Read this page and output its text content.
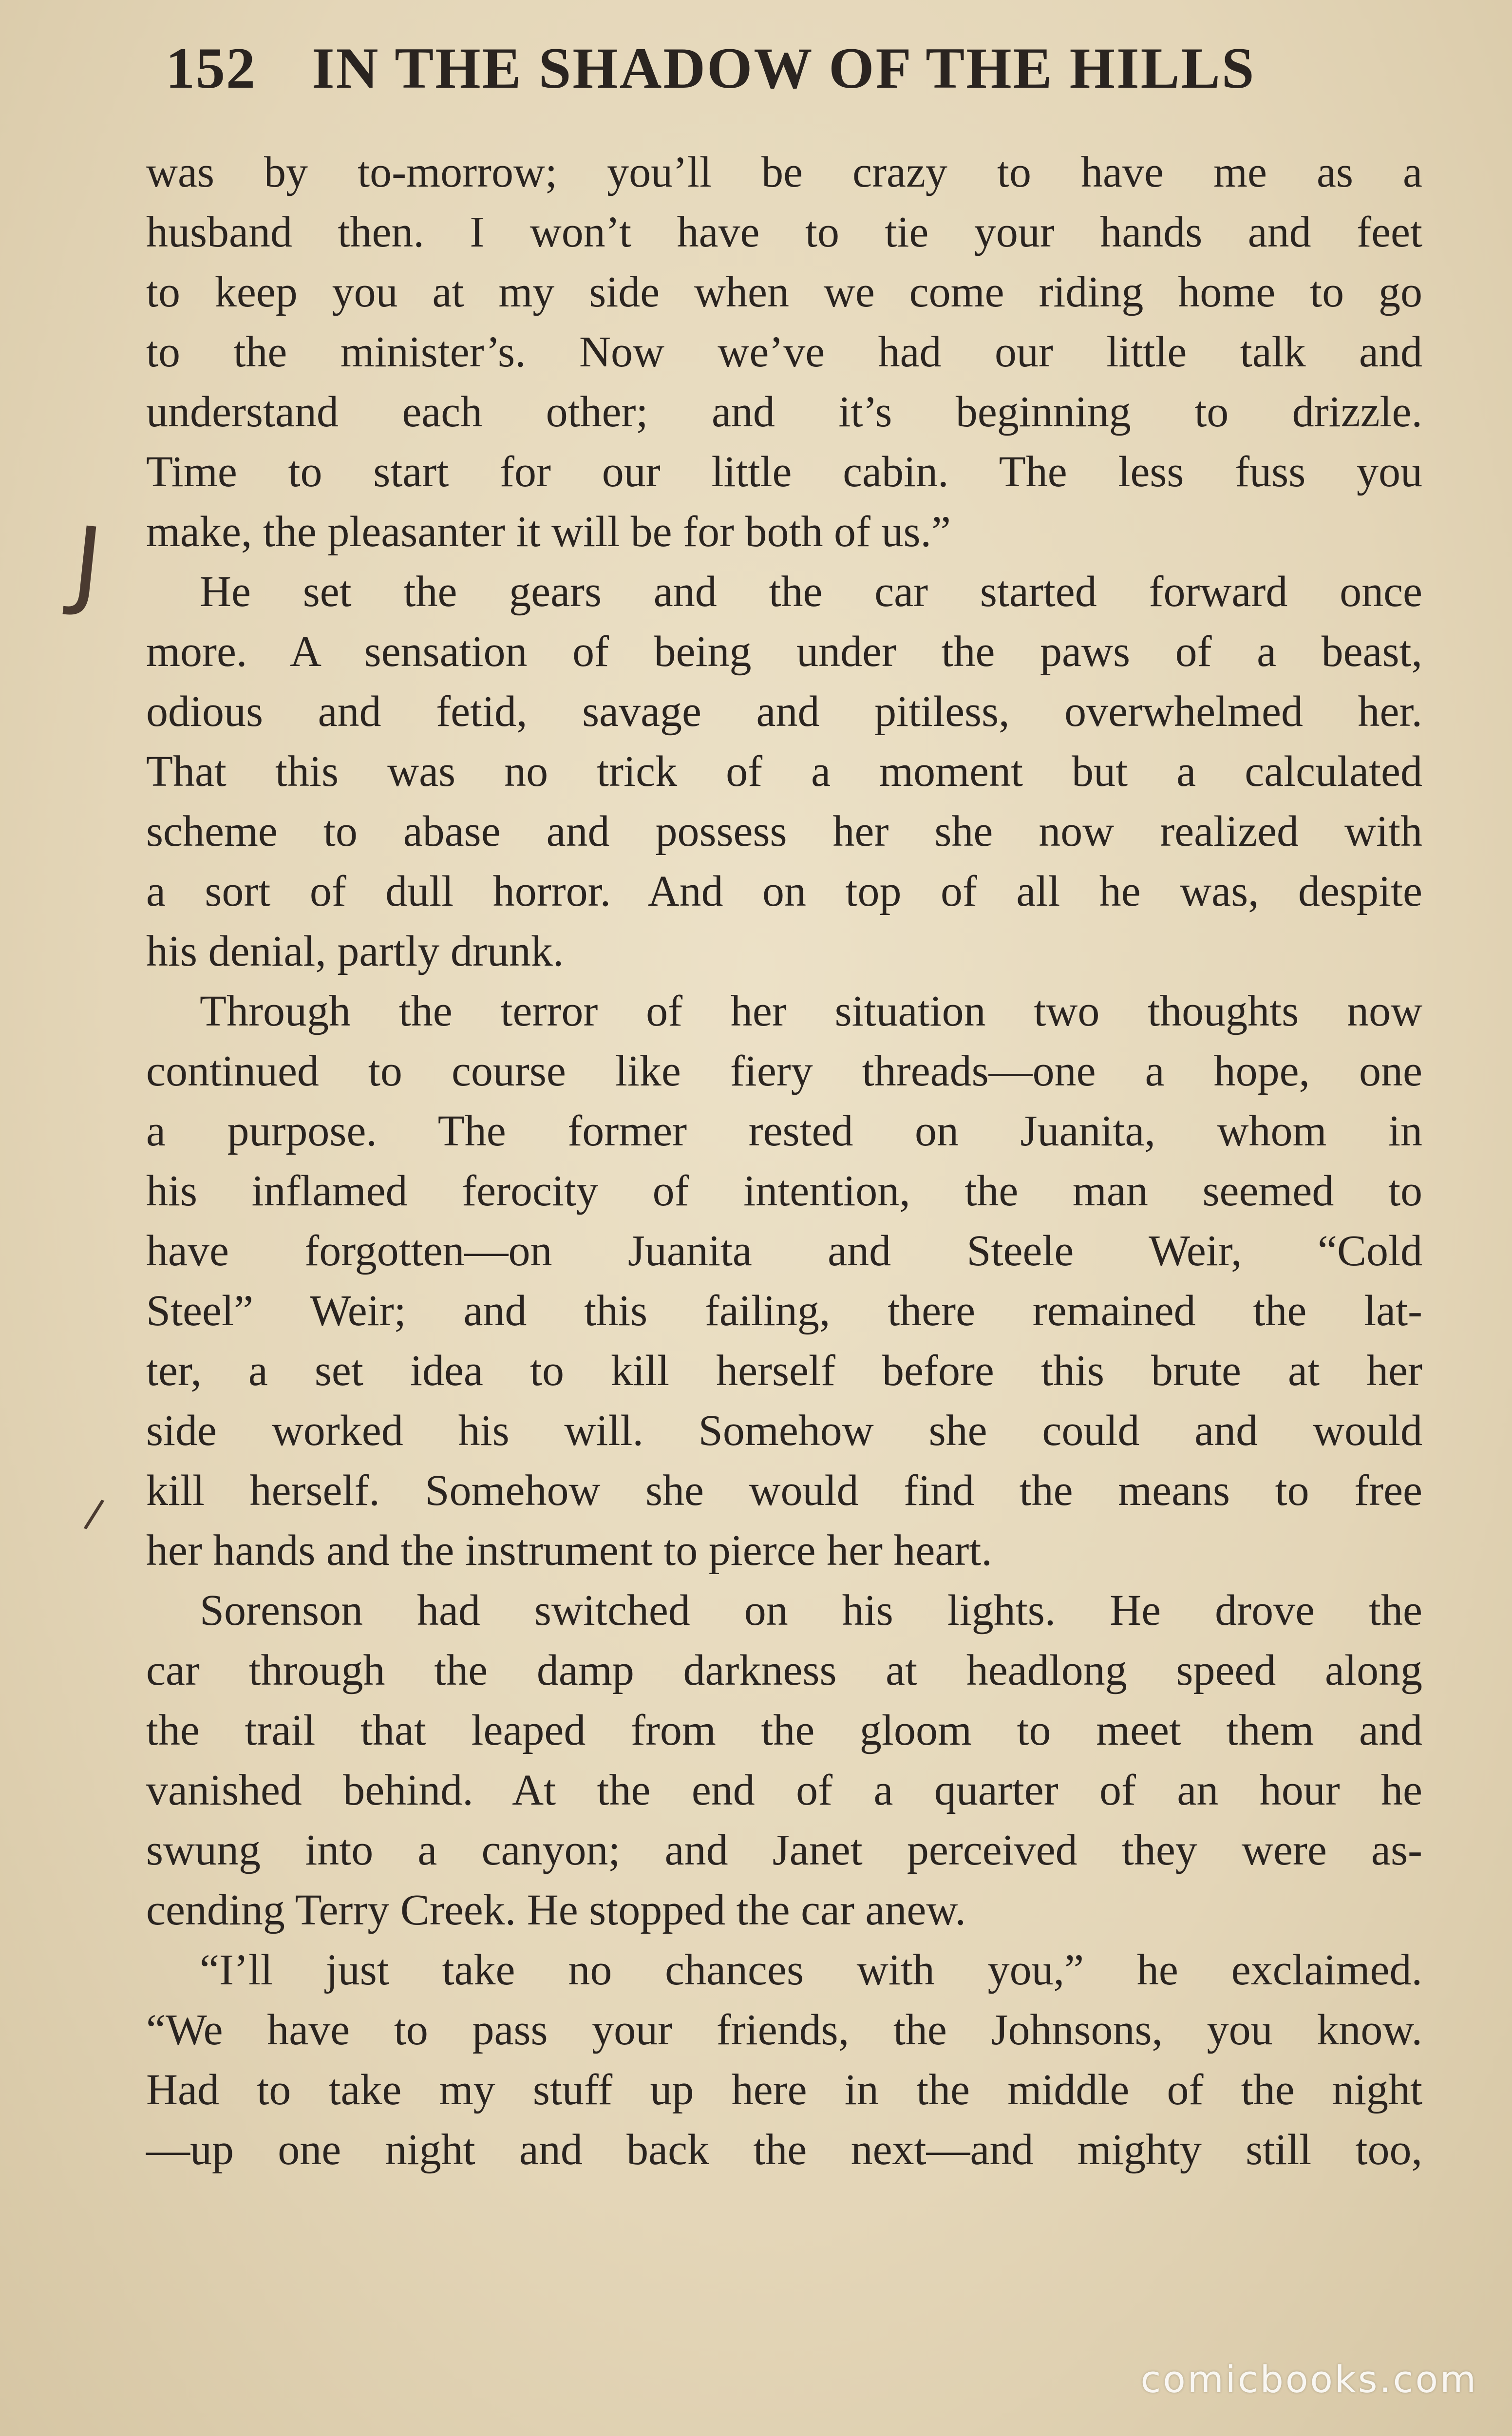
152 IN THE SHADOW OF THE HILLS
was by to-morrow; you’ll be crazy to have me as a
husband then. I won’t have to tie your hands and feet
to keep you at my side when we come riding home to go
to the minister’s. Now we’ve had our little talk and
understand each other; and it’s beginning to drizzle.
Time to start for our little cabin. The less fuss you
make, the pleasanter it will be for both of us.”
He set the gears and the car started forward once
more. A sensation of being under the paws of a beast,
odious and fetid, savage and pitiless, overwhelmed her.
That this was no trick of a moment but a calculated
scheme to abase and possess her she now realized with
a sort of dull horror. And on top of all he was, despite
his denial, partly drunk.
Through the terror of her situation two thoughts now
continued to course like fiery threads—one a hope, one
a purpose. The former rested on Juanita, whom in
his inflamed ferocity of intention, the man seemed to
have forgotten—on Juanita and Steele Weir, “Cold
Steel” Weir; and this failing, there remained the lat-
ter, a set idea to kill herself before this brute at her
side worked his will. Somehow she could and would
kill herself. Somehow she would find the means to free
her hands and the instrument to pierce her heart.
Sorenson had switched on his lights. He drove the
car through the damp darkness at headlong speed along
the trail that leaped from the gloom to meet them and
vanished behind. At the end of a quarter of an hour he
swung into a canyon; and Janet perceived they were as-
cending Terry Creek. He stopped the car anew.
“I’ll just take no chances with you,” he exclaimed.
“We have to pass your friends, the Johnsons, you know.
Had to take my stuff up here in the middle of the night
—up one night and back the next—and mighty still too,
J
/
comicbooks.com
